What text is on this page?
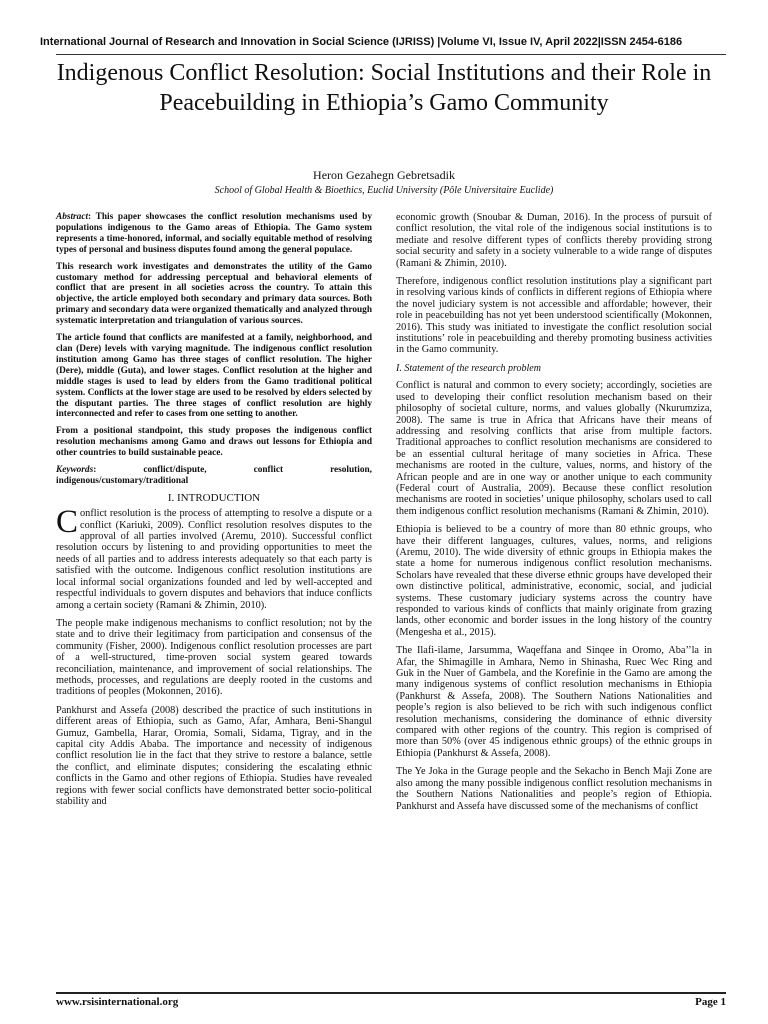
International Journal of Research and Innovation in Social Science (IJRISS) |Volume VI, Issue IV, April 2022|ISSN 2454-6186
Indigenous Conflict Resolution: Social Institutions and their Role in Peacebuilding in Ethiopia’s Gamo Community
Heron Gezahegn Gebretsadik
School of Global Health & Bioethics, Euclid University (Pôle Universitaire Euclide)

Abstract: This paper showcases the conflict resolution mechanisms used by populations indigenous to the Gamo areas of Ethiopia. The Gamo system represents a time-honored, informal, and socially equitable method of resolving types of personal and business disputes found among the general populace.

This research work investigates and demonstrates the utility of the Gamo customary method for addressing perceptual and behavioral elements of conflict that are present in all societies across the country. To attain this objective, the article employed both secondary and primary data sources. Both primary and secondary data were organized thematically and analyzed through systematic interpretation and triangulation of various sources.

The article found that conflicts are manifested at a family, neighborhood, and clan (Dere) levels with varying magnitude. The indigenous conflict resolution institution among Gamo has three stages of conflict resolution. The higher (Dere), middle (Guta), and lower stages. Conflict resolution at the higher and middle stages is used to lead by elders from the Gamo traditional political system. Conflicts at the lower stage are used to be resolved by elders selected by the disputant parties. The three stages of conflict resolution are highly interconnected and refer to cases from one setting to another.

From a positional standpoint, this study proposes the indigenous conflict resolution mechanisms among Gamo and draws out lessons for Ethiopia and other countries to build sustainable peace.

Keywords: conflict/dispute, conflict resolution, indigenous/customary/traditional

I. INTRODUCTION

Conflict resolution is the process of attempting to resolve a dispute or a conflict (Kariuki, 2009). Conflict resolution resolves disputes to the approval of all parties involved (Aremu, 2010). Successful conflict resolution occurs by listening to and providing opportunities to meet the needs of all parties and to address interests adequately so that each party is satisfied with the outcome. Indigenous conflict resolution institutions are local informal social organizations founded and led by well-accepted and respectful individuals to govern disputes and behaviors that induce conflicts among a certain society (Ramani & Zhimin, 2010).

The people make indigenous mechanisms to conflict resolution; not by the state and to drive their legitimacy from participation and consensus of the community (Fisher, 2000). Indigenous conflict resolution processes are part of a well-structured, time-proven social system geared towards reconciliation, maintenance, and improvement of social relationships. The methods, processes, and regulations are deeply rooted in the customs and traditions of peoples (Mokonnen, 2016).

Pankhurst and Assefa (2008) described the practice of such institutions in different areas of Ethiopia, such as Gamo, Afar, Amhara, Beni-Shangul Gumuz, Gambella, Harar, Oromia, Somali, Sidama, Tigray, and in the capital city Addis Ababa. The importance and necessity of indigenous conflict resolution lie in the fact that they strive to restore a balance, settle the conflict, and eliminate disputes; considering the escalating ethnic conflicts in the Gamo and other regions of Ethiopia. Studies have revealed regions with fewer social conflicts have demonstrated better socio-political stability and

economic growth (Snoubar & Duman, 2016). In the process of pursuit of conflict resolution, the vital role of the indigenous social institutions is to mediate and resolve different types of conflicts thereby providing strong social security and safety in a society vulnerable to a wide range of disputes (Ramani & Zhimin, 2010).

Therefore, indigenous conflict resolution institutions play a significant part in resolving various kinds of conflicts in different regions of Ethiopia where the novel judiciary system is not accessible and affordable; however, their role in peacebuilding has not yet been understood scientifically (Mokonnen, 2016). This study was initiated to investigate the conflict resolution social institutions’ role in peacebuilding and thereby promoting business activities in the Gamo community.

I. Statement of the research problem

Conflict is natural and common to every society; accordingly, societies are used to developing their conflict resolution mechanism based on their philosophy of societal culture, norms, and values globally (Nkurumziza, 2008). The same is true in Africa that Africans have their means of addressing and resolving conflicts that arise from multiple factors. Traditional approaches to conflict resolution mechanisms are considered to be an essential cultural heritage of many societies in Africa. These mechanisms are rooted in the culture, values, norms, and history of the African people and are in one way or another unique to each community (Federal court of Australia, 2009). Because these conflict resolution mechanisms are rooted in societies’ unique philosophy, scholars used to call them indigenous conflict resolution mechanisms (Ramani & Zhimin, 2010).

Ethiopia is believed to be a country of more than 80 ethnic groups, who have their different languages, cultures, values, norms, and religions (Aremu, 2010). The wide diversity of ethnic groups in Ethiopia makes the state a home for numerous indigenous conflict resolution mechanisms. Scholars have revealed that these diverse ethnic groups have developed their own distinctive political, administrative, economic, social, and judicial systems. These customary judiciary systems across the country have responded to various kinds of conflicts that mainly originate from grazing lands, other economic and border issues in the long history of the country (Mengesha et al., 2015).

The Ilafi-ilame, Jarsumma, Waqeffana and Sinqee in Oromo, Aba’’la in Afar, the Shimagille in Amhara, Nemo in Shinasha, Ruec Wec Ring and Guk in the Nuer of Gambela, and the Korefinie in the Gamo are among the many indigenous systems of conflict resolution mechanisms in Ethiopia (Pankhurst & Assefa, 2008). The Southern Nations Nationalities and people’s region is also believed to be rich with such indigenous conflict resolution mechanisms, considering the dominance of ethnic diversity compared with other regions of the country. This region is comprised of more than 50% (over 45 indigenous ethnic groups) of the ethnic groups in Ethiopia (Pankhurst & Assefa, 2008).

The Ye Joka in the Gurage people and the Sekacho in Bench Maji Zone are also among the many possible indigenous conflict resolution mechanisms in the Southern Nations Nationalities and people’s region of Ethiopia. Pankhurst and Assefa have discussed some of the mechanisms of conflict

www.rsisinternational.org	Page 1
